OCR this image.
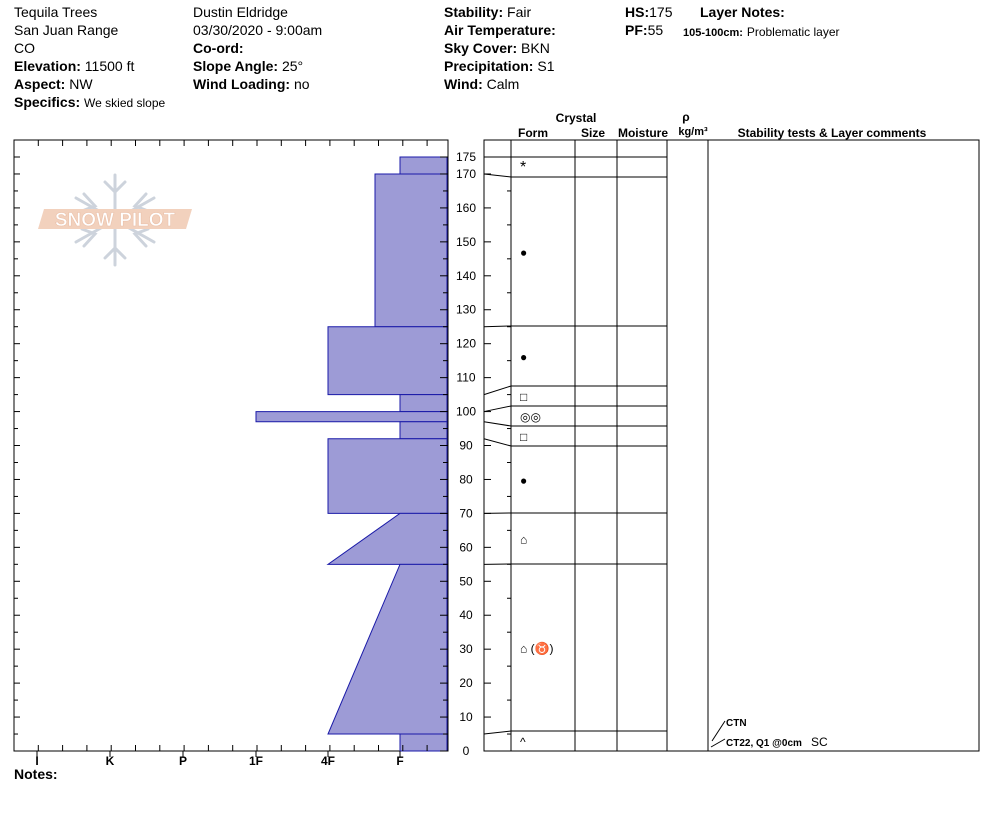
Tequila Trees
San Juan Range
CO
Elevation: 11500 ft
Aspect: NW
Specifics: We skied slope
Dustin Eldridge
03/30/2020 - 9:00am
Co-ord:
Slope Angle: 25°
Wind Loading: no
Stability: Fair
Air Temperature:
Sky Cover: BKN
Precipitation: S1
Wind: Calm
HS:175
PF:55
Layer Notes:
105-100cm: Problematic layer
SNOW PILOT
I	K	P	1F	4F	F
0
10
20
30
40
50
60
70
80
90
100
110
120
130
140
150
160
170
175
Crystal
Form	Size Moisture
ρ
kg/m³ Stability tests & Layer comments
*
●
●
□
◎◎
□
●
⌂
⌂ (♉)
^
CTN
CT22, Q1 @0cm SC
Notes:
